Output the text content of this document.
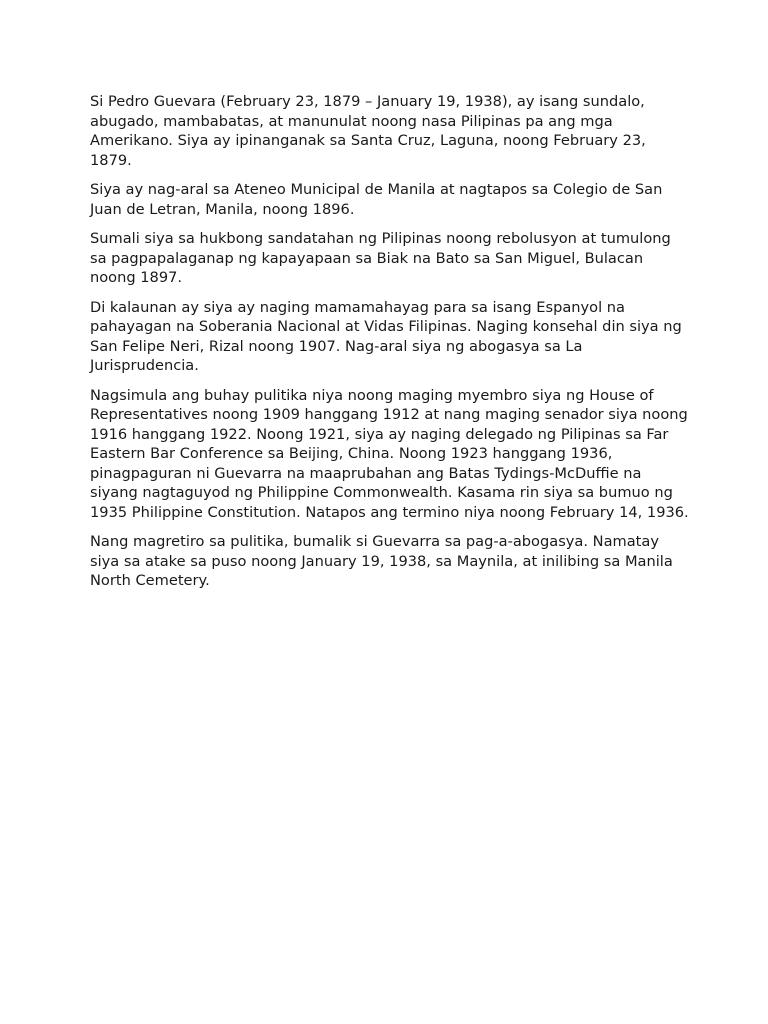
Si Pedro Guevara (February 23, 1879 – January 19, 1938), ay isang sundalo, abugado, mambabatas, at manunulat noong nasa Pilipinas pa ang mga Amerikano. Siya ay ipinanganak sa Santa Cruz, Laguna, noong February 23, 1879.

Siya ay nag-aral sa Ateneo Municipal de Manila at nagtapos sa Colegio de San Juan de Letran, Manila, noong 1896.

Sumali siya sa hukbong sandatahan ng Pilipinas noong rebolusyon at tumulong sa pagpapalaganap ng kapayapaan sa Biak na Bato sa San Miguel, Bulacan noong 1897.

Di kalaunan ay siya ay naging mamamahayag para sa isang Espanyol na pahayagan na Soberania Nacional at Vidas Filipinas. Naging konsehal din siya ng San Felipe Neri, Rizal noong 1907. Nag-aral siya ng abogasya sa La Jurisprudencia.

Nagsimula ang buhay pulitika niya noong maging myembro siya ng House of Representatives noong 1909 hanggang 1912 at nang maging senador siya noong 1916 hanggang 1922. Noong 1921, siya ay naging delegado ng Pilipinas sa Far Eastern Bar Conference sa Beijing, China. Noong 1923 hanggang 1936, pinagpaguran ni Guevarra na maaprubahan ang Batas Tydings-McDuffie na siyang nagtaguyod ng Philippine Commonwealth. Kasama rin siya sa bumuo ng 1935 Philippine Constitution. Natapos ang termino niya noong February 14, 1936.

Nang magretiro sa pulitika, bumalik si Guevarra sa pag-a-abogasya. Namatay siya sa atake sa puso noong January 19, 1938, sa Maynila, at inilibing sa Manila North Cemetery.
